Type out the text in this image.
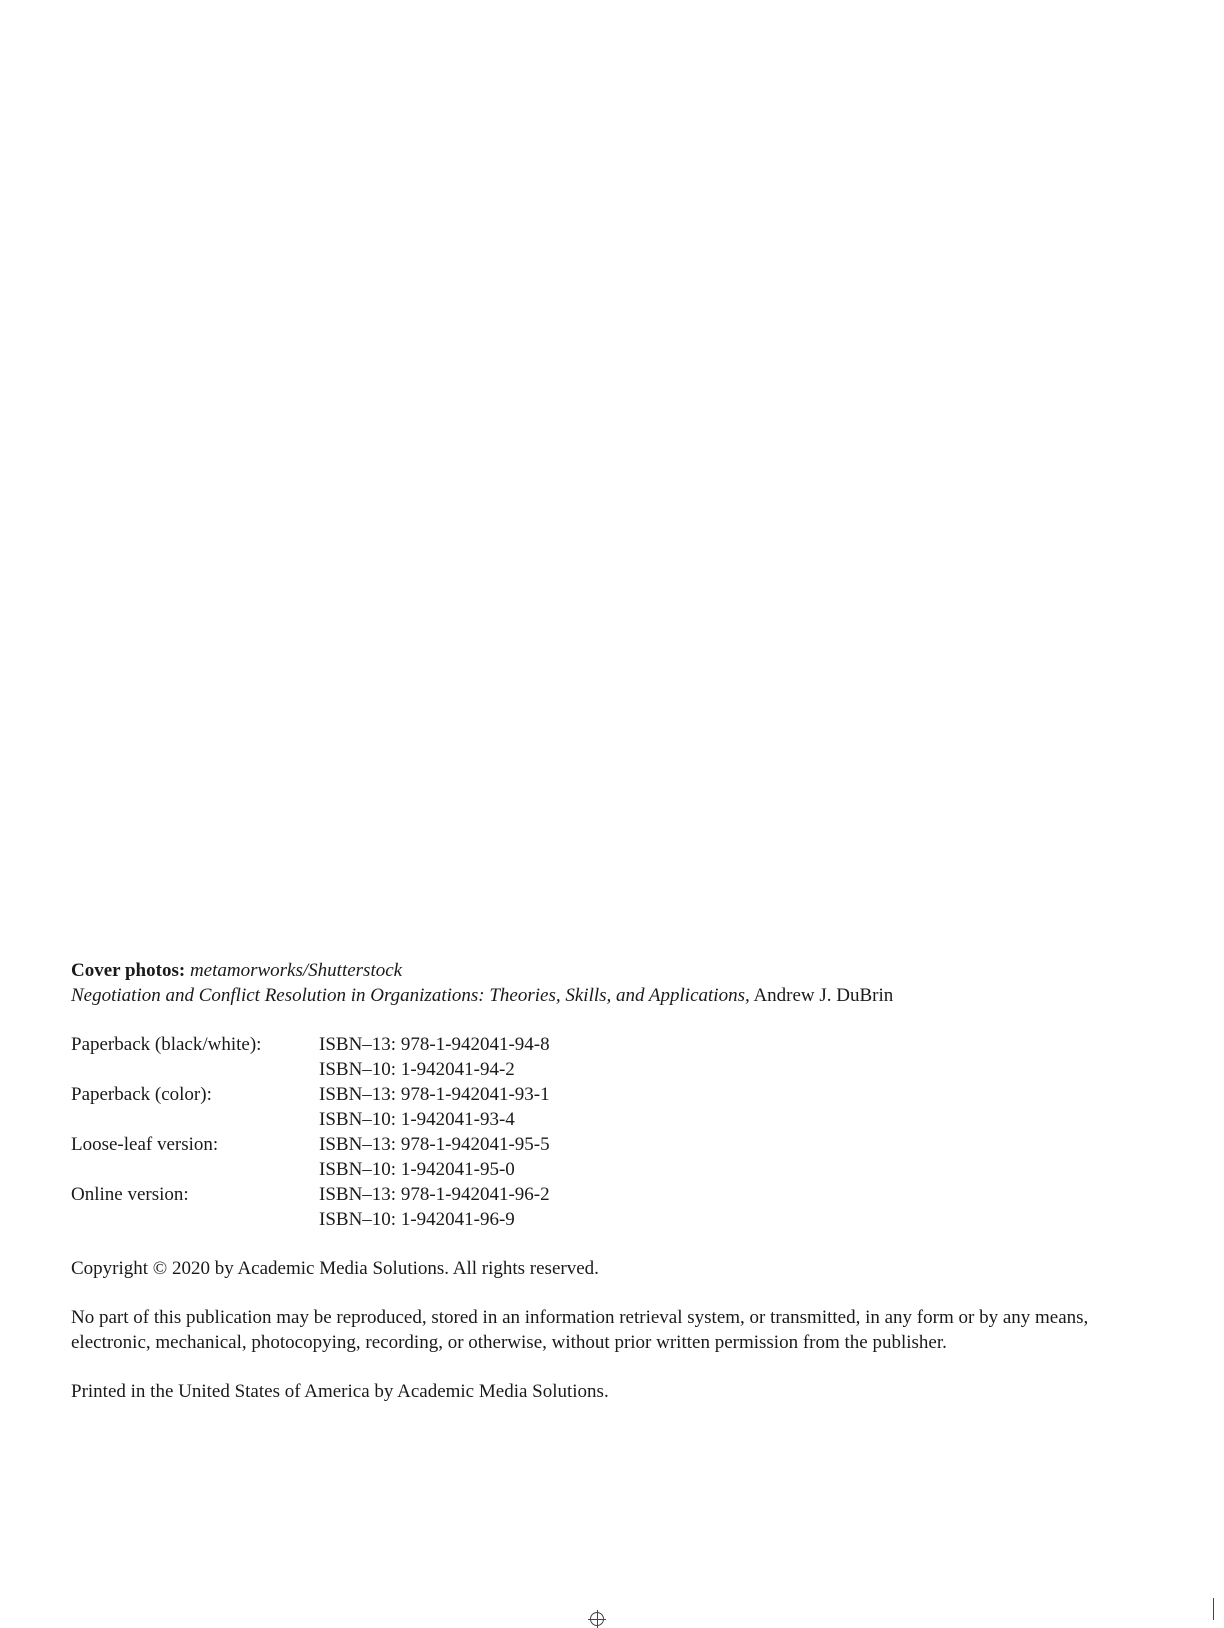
Cover photos: metamorworks/Shutterstock
Negotiation and Conflict Resolution in Organizations: Theories, Skills, and Applications, Andrew J. DuBrin
Paperback (black/white):	ISBN–13: 978-1-942041-94-8
	ISBN–10: 1-942041-94-2
Paperback (color):	ISBN–13: 978-1-942041-93-1
	ISBN–10: 1-942041-93-4
Loose-leaf version:	ISBN–13: 978-1-942041-95-5
	ISBN–10: 1-942041-95-0
Online version:	ISBN–13: 978-1-942041-96-2
	ISBN–10: 1-942041-96-9

Copyright © 2020 by Academic Media Solutions. All rights reserved.

No part of this publication may be reproduced, stored in an information retrieval system, or transmitted, in any form or by any means, electronic, mechanical, photocopying, recording, or otherwise, without prior written permission from the publisher.

Printed in the United States of America by Academic Media Solutions.
